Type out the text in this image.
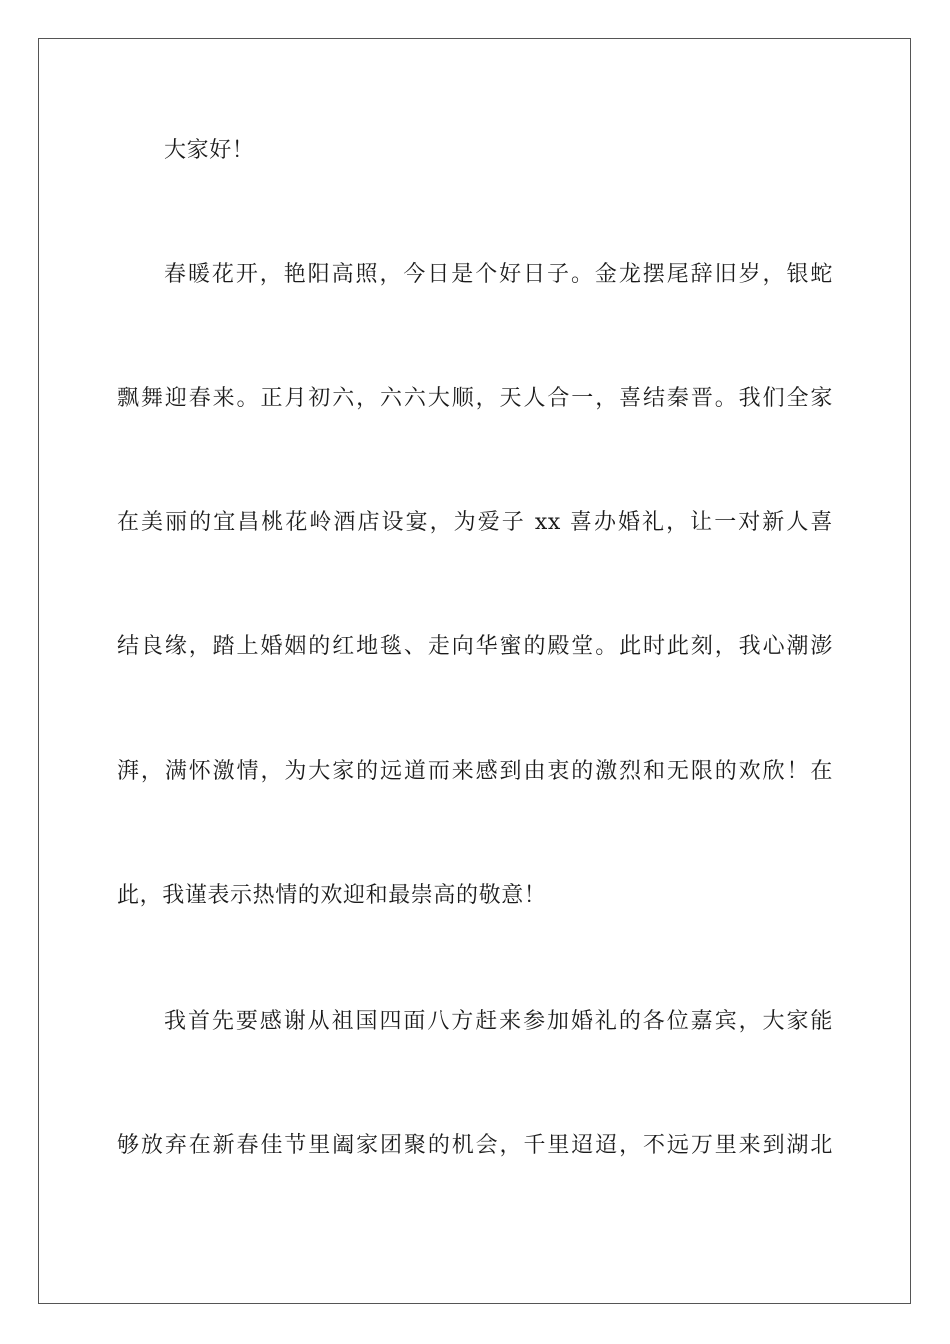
大家好！
春暖花开，艳阳高照，今日是个好日子。金龙摆尾辞旧岁，银蛇
飘舞迎春来。正月初六，六六大顺，天人合一，喜结秦晋。我们全家
在美丽的宜昌桃花岭酒店设宴，为爱子 xx 喜办婚礼，让一对新人喜
结良缘，踏上婚姻的红地毯、走向华蜜的殿堂。此时此刻，我心潮澎
湃，满怀激情，为大家的远道而来感到由衷的激烈和无限的欢欣！在
此，我谨表示热情的欢迎和最崇高的敬意！
我首先要感谢从祖国四面八方赶来参加婚礼的各位嘉宾，大家能
够放弃在新春佳节里阖家团聚的机会，千里迢迢，不远万里来到湖北
